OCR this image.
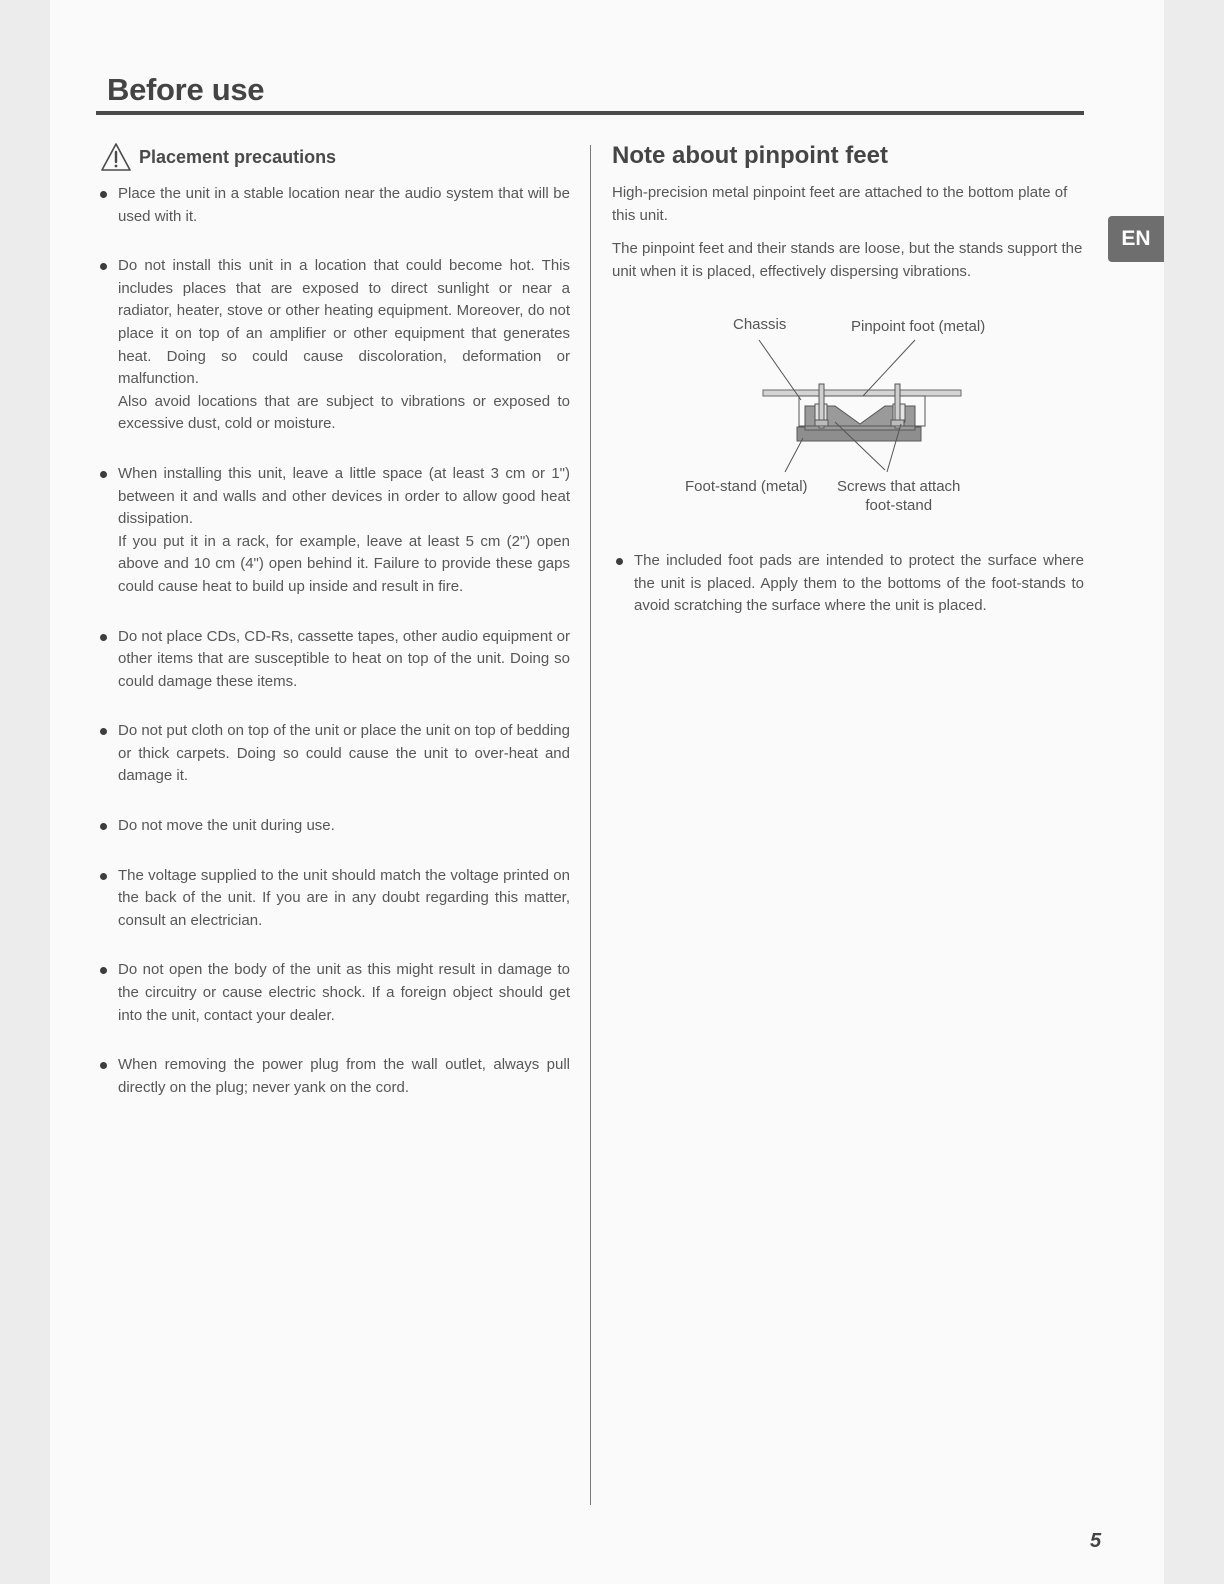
Before use
Placement precautions

Place the unit in a stable location near the audio system that will be used with it.

Do not install this unit in a location that could become hot. This includes places that are exposed to direct sunlight or near a radiator, heater, stove or other heating equipment. Moreover, do not place it on top of an amplifier or other equipment that generates heat. Doing so could cause discoloration, deformation or malfunction.

Also avoid locations that are subject to vibrations or exposed to excessive dust, cold or moisture.

When installing this unit, leave a little space (at least 3 cm or 1") between it and walls and other devices in order to allow good heat dissipation.

If you put it in a rack, for example, leave at least 5 cm (2") open above and 10 cm (4") open behind it. Failure to provide these gaps could cause heat to build up inside and result in fire.

Do not place CDs, CD-Rs, cassette tapes, other audio equipment or other items that are susceptible to heat on top of the unit. Doing so could damage these items.

Do not put cloth on top of the unit or place the unit on top of bedding or thick carpets. Doing so could cause the unit to over-heat and damage it.

Do not move the unit during use.

The voltage supplied to the unit should match the voltage printed on the back of the unit. If you are in any doubt regarding this matter, consult an electrician.

Do not open the body of the unit as this might result in damage to the circuitry or cause electric shock. If a foreign object should get into the unit, contact your dealer.

When removing the power plug from the wall outlet, always pull directly on the plug; never yank on the cord.

Note about pinpoint feet

High-precision metal pinpoint feet are attached to the bottom plate of this unit.

The pinpoint feet and their stands are loose, but the stands support the unit when it is placed, effectively dispersing vibrations.

Chassis	Pinpoint foot (metal)
Foot-stand (metal) Screws that attach
foot-stand
The included foot pads are intended to protect the surface where the unit is placed. Apply them to the bottoms of the foot-stands to avoid scratching the surface where the unit is placed.
EN
5
